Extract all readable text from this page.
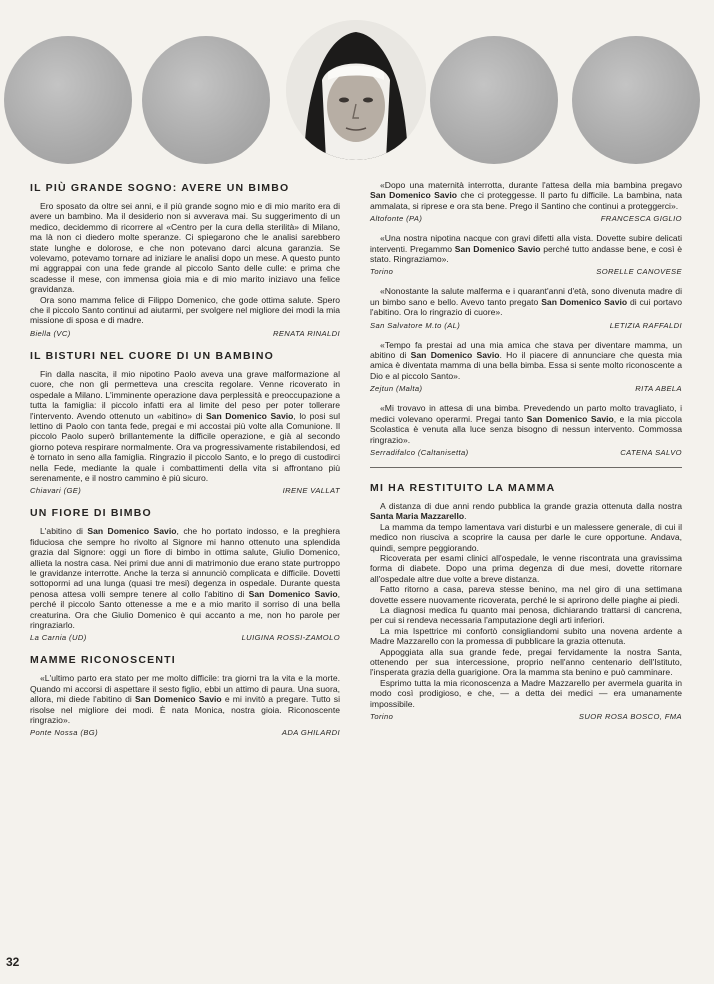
IL PIÙ GRANDE SOGNO: AVERE UN BIMBO

Ero sposato da oltre sei anni, e il più grande sogno mio e di mio marito era di avere un bambino. Ma il desiderio non si avverava mai. Su suggerimento di un medico, decidemmo di ricorrere al «Centro per la cura della sterilità» di Milano, ma là non ci diedero molte speranze. Ci spiegarono che le analisi sarebbero state lunghe e dolorose, e che non potevano darci alcuna garanzia. Se volevamo, potevamo tornare ad iniziare le analisi dopo un mese. A questo punto mi aggrappai con una fede grande al piccolo Santo delle culle: e prima che scadesse il mese, con immensa gioia mia e di mio marito iniziavo una felice gravidanza.

Ora sono mamma felice di Filippo Domenico, che gode ottima salute. Spero che il piccolo Santo continui ad aiutarmi, per svolgere nel migliore dei modi la mia missione di sposa e di madre.

Biella (VC)	RENATA RINALDI
IL BISTURI NEL CUORE DI UN BAMBINO

Fin dalla nascita, il mio nipotino Paolo aveva una grave malformazione al cuore, che non gli permetteva una crescita regolare. Venne ricoverato in ospedale a Milano. L'imminente operazione dava perplessità e preoccupazione a tutta la famiglia: il piccolo infatti era al limite del peso per poter tollerare l'intervento. Avendo ottenuto un «abitino» di San Domenico Savio, lo posi sul lettino di Paolo con tanta fede, pregai e mi accostai più volte alla Comunione. Il piccolo Paolo superò brillantemente la difficile operazione, e già al secondo giorno poteva respirare normalmente. Ora va progressivamente ristabilendosi, ed è tornato in seno alla famiglia. Ringrazio il piccolo Santo, e lo prego di custodirci nella Fede, mediante la quale i combattimenti della vita si affrontano più serenamente, e il nostro cammino è più sicuro.

Chiavari (GE)	IRENE VALLAT
UN FIORE DI BIMBO

L'abitino di San Domenico Savio, che ho portato indosso, e la preghiera fiduciosa che sempre ho rivolto al Signore mi hanno ottenuto una splendida grazia dal Signore: oggi un fiore di bimbo in ottima salute, Giulio Domenico, allieta la nostra casa. Nei primi due anni di matrimonio due erano state purtroppo le gravidanze interrotte. Anche la terza si annunciò complicata e difficile. Dovetti sottopormi ad una lunga (quasi tre mesi) degenza in ospedale. Durante questa penosa attesa volli sempre tenere al collo l'abitino di San Domenico Savio, perché il piccolo Santo ottenesse a me e a mio marito il sorriso di una bella creaturina. Ora che Giulio Domenico è qui accanto a me, non ho parole per ringraziarlo.

La Carnia (UD)	LUIGINA ROSSI-ZAMOLO
MAMME RICONOSCENTI

«L'ultimo parto era stato per me molto difficile: tra giorni tra la vita e la morte. Quando mi accorsi di aspettare il sesto figlio, ebbi un attimo di paura. Una suora, allora, mi diede l'abitino di San Domenico Savio e mi invitò a pregare. Tutto si risolse nel migliore dei modi. È nata Monica, nostra gioia. Riconoscente ringrazio».

Ponte Nossa (BG)	ADA GHILARDI

«Dopo una maternità interrotta, durante l'attesa della mia bambina pregavo San Domenico Savio che ci proteggesse. Il parto fu difficile. La bambina, nata ammalata, si riprese e ora sta bene. Prego il Santino che continui a proteggerci».

Altofonte (PA)	FRANCESCA GIGLIO

«Una nostra nipotina nacque con gravi difetti alla vista. Dovette subire delicati interventi. Pregammo San Domenico Savio perché tutto andasse bene, e così è stato. Ringraziamo».

Torino	SORELLE CANOVESE

«Nonostante la salute malferma e i quarant'anni d'età, sono divenuta madre di un bimbo sano e bello. Avevo tanto pregato San Domenico Savio di cui portavo l'abitino. Ora lo ringrazio di cuore».

San Salvatore M.to (AL)	LETIZIA RAFFALDI

«Tempo fa prestai ad una mia amica che stava per diventare mamma, un abitino di San Domenico Savio. Ho il piacere di annunciare che questa mia amica è diventata mamma di una bella bimba. Essa si sente molto riconoscente a Dio e al piccolo Santo».

Zejtun (Malta)	RITA ABELA

«Mi trovavo in attesa di una bimba. Prevedendo un parto molto travagliato, i medici volevano operarmi. Pregai tanto San Domenico Savio, e la mia piccola Scolastica è venuta alla luce senza bisogno di nessun intervento. Commossa ringrazio».

Serradifalco (Caltanisetta)	CATENA SALVO
MI HA RESTITUITO LA MAMMA

A distanza di due anni rendo pubblica la grande grazia ottenuta dalla nostra Santa Maria Mazzarello.

La mamma da tempo lamentava vari disturbi e un malessere generale, di cui il medico non riusciva a scoprire la causa per darle le cure opportune. Andava, quindi, sempre peggiorando.

Ricoverata per esami clinici all'ospedale, le venne riscontrata una gravissima forma di diabete. Dopo una prima degenza di due mesi, dovette ritornare all'ospedale altre due volte a breve distanza.

Fatto ritorno a casa, pareva stesse benino, ma nel giro di una settimana dovette essere nuovamente ricoverata, perché le si aprirono delle piaghe ai piedi.

La diagnosi medica fu quanto mai penosa, dichiarando trattarsi di cancrena, per cui si rendeva necessaria l'amputazione degli arti inferiori.

La mia Ispettrice mi confortò consigliandomi subito una novena ardente a Madre Mazzarello con la promessa di pubblicare la grazia ottenuta.

Appoggiata alla sua grande fede, pregai fervidamente la nostra Santa, ottenendo per sua intercessione, proprio nell'anno centenario dell'Istituto, l'insperata grazia della guarigione. Ora la mamma sta benino e può camminare.

Esprimo tutta la mia riconoscenza a Madre Mazzarello per avermela guarita in modo così prodigioso, e che, — a detta dei medici — era umanamente impossibile.

Torino	SUOR ROSA BOSCO, FMA
32
